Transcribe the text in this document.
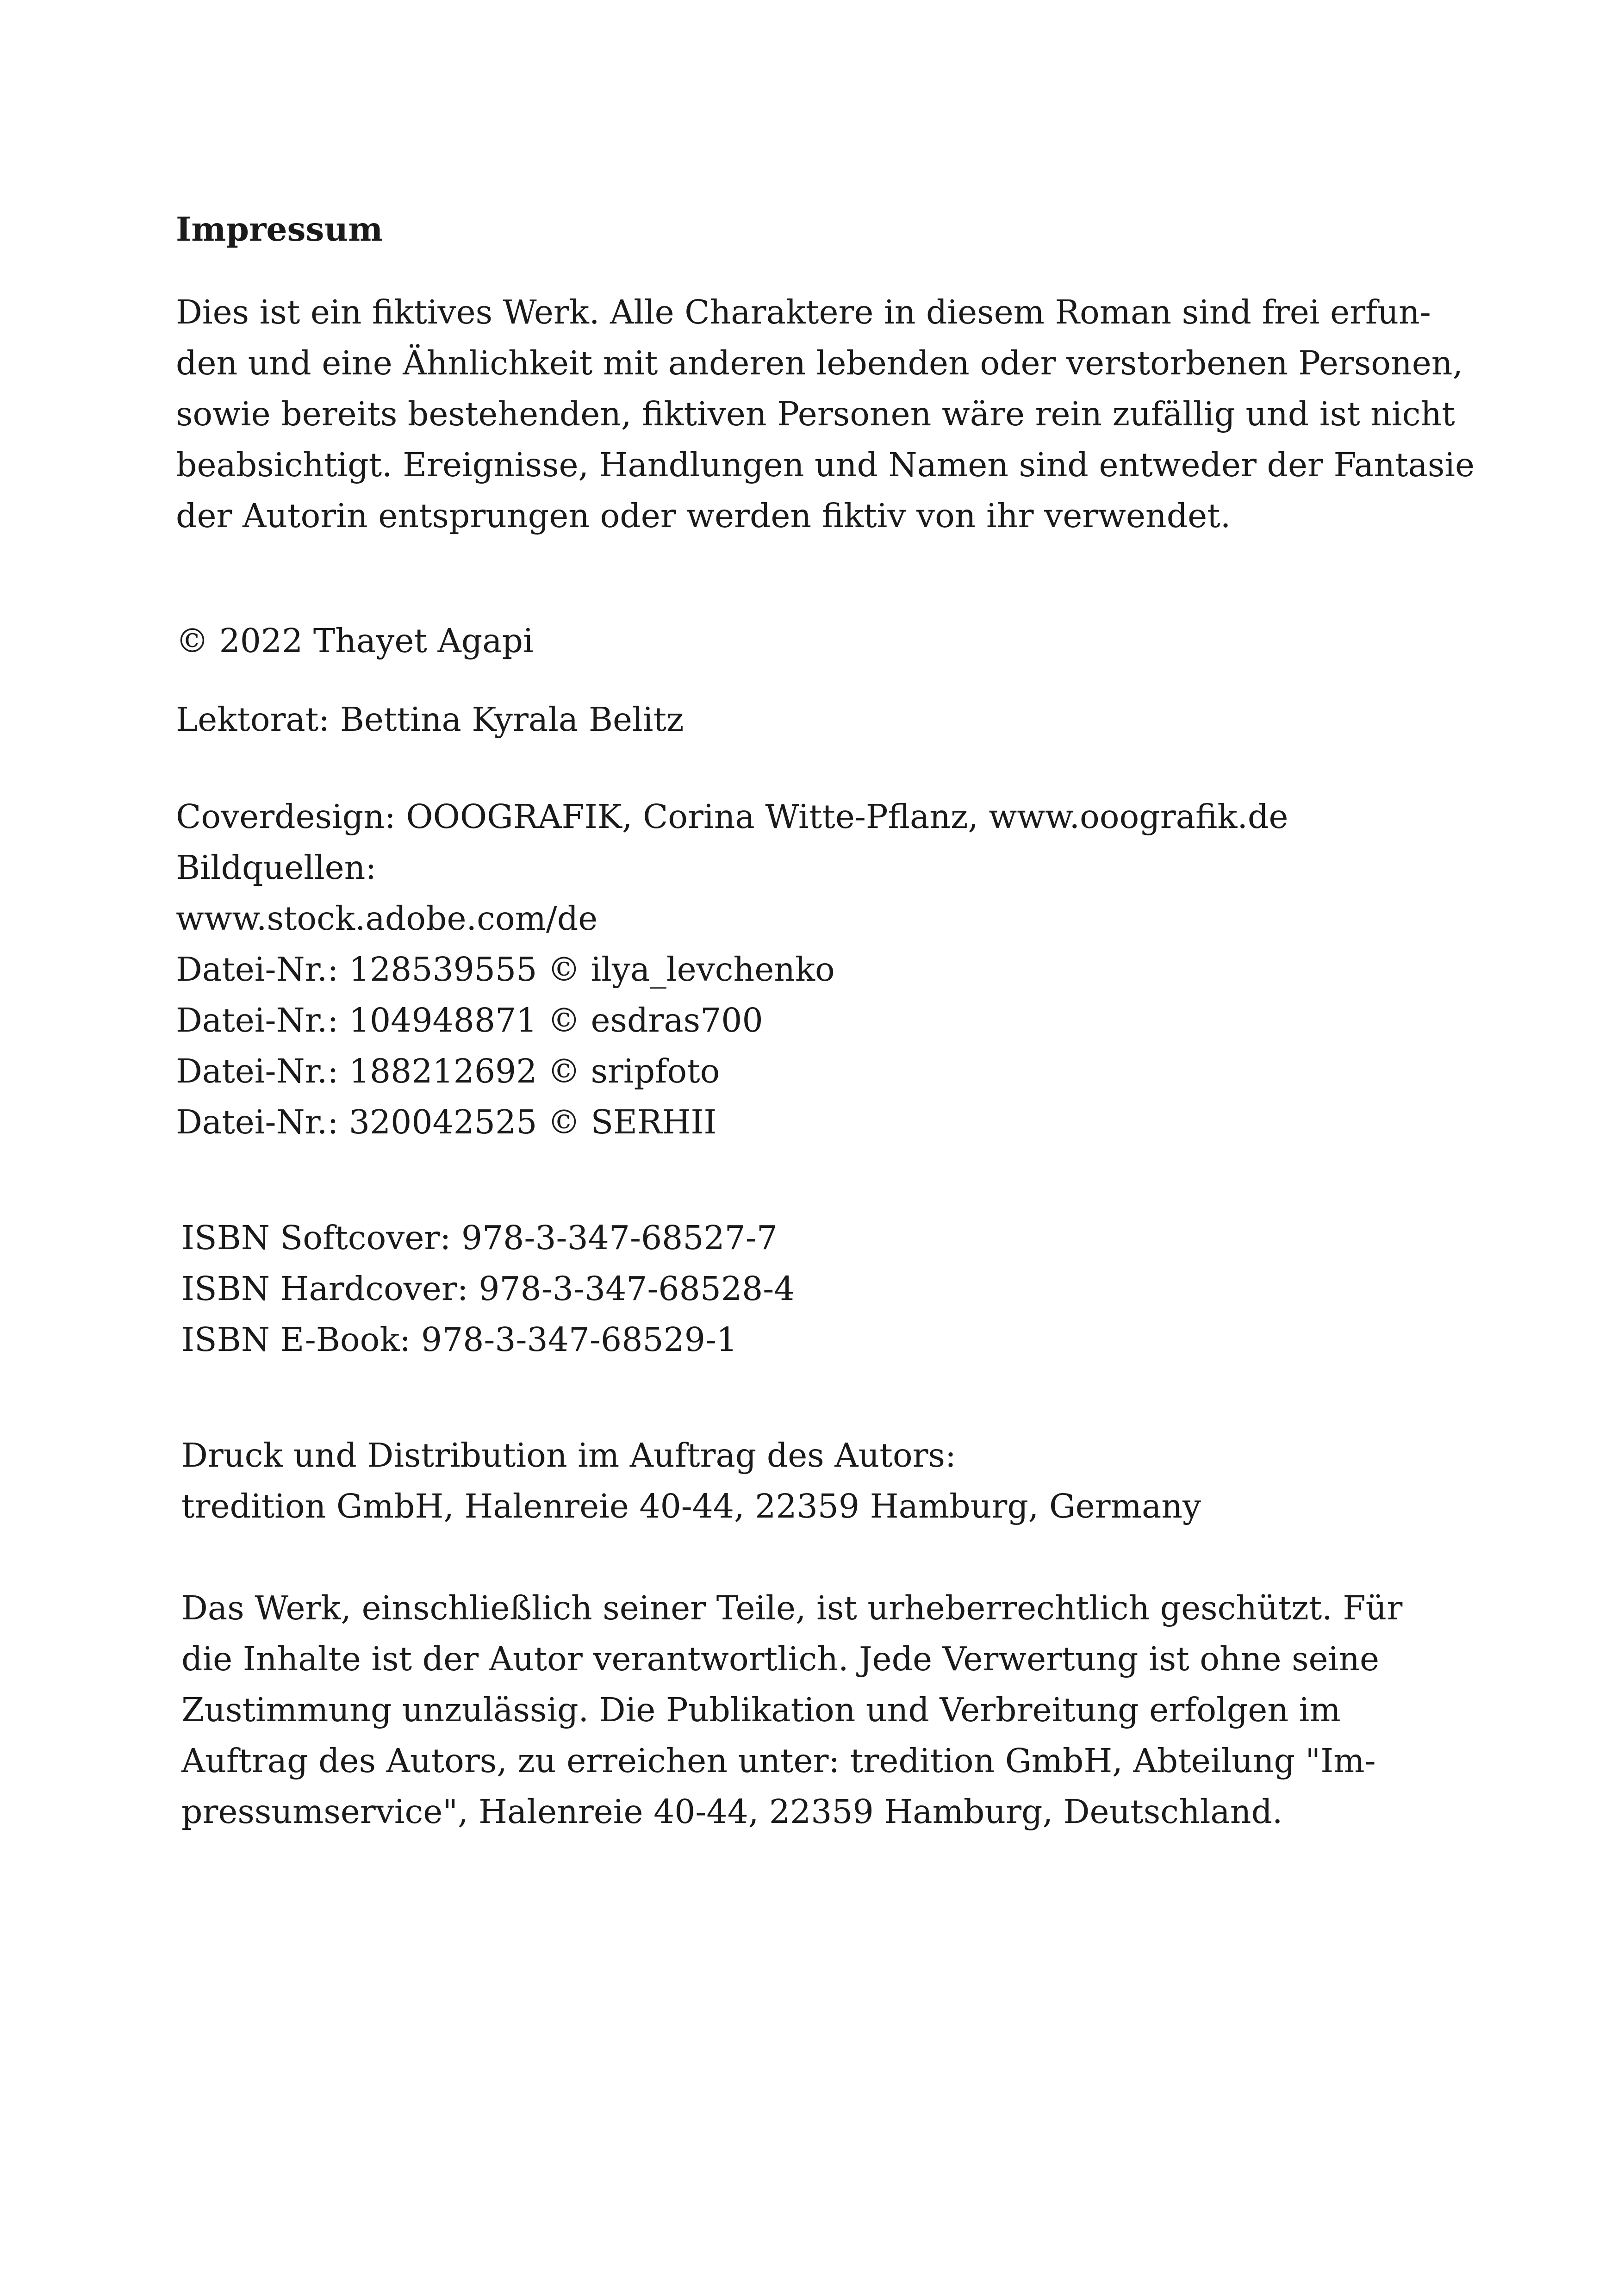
Impressum

Dies ist ein fiktives Werk. Alle Charaktere in diesem Roman sind frei erfun-
den und eine Ähnlichkeit mit anderen lebenden oder verstorbenen Personen,
sowie bereits bestehenden, fiktiven Personen wäre rein zufällig und ist nicht
beabsichtigt. Ereignisse, Handlungen und Namen sind entweder der Fantasie
der Autorin entsprungen oder werden fiktiv von ihr verwendet.

© 2022 Thayet Agapi

Lektorat: Bettina Kyrala Belitz

Coverdesign: OOOGRAFIK, Corina Witte-Pflanz, www.ooografik.de
Bildquellen:
www.stock.adobe.com/de
Datei-Nr.: 128539555 © ilya_levchenko
Datei-Nr.: 104948871 © esdras700
Datei-Nr.: 188212692 © sripfoto
Datei-Nr.: 320042525 © SERHII

ISBN Softcover: 978-3-347-68527-7
ISBN Hardcover: 978-3-347-68528-4
ISBN E-Book: 978-3-347-68529-1

Druck und Distribution im Auftrag des Autors:
tredition GmbH, Halenreie 40-44, 22359 Hamburg, Germany

Das Werk, einschließlich seiner Teile, ist urheberrechtlich geschützt. Für
die Inhalte ist der Autor verantwortlich. Jede Verwertung ist ohne seine
Zustimmung unzulässig. Die Publikation und Verbreitung erfolgen im
Auftrag des Autors, zu erreichen unter: tredition GmbH, Abteilung "Im-
pressumservice", Halenreie 40-44, 22359 Hamburg, Deutschland.
